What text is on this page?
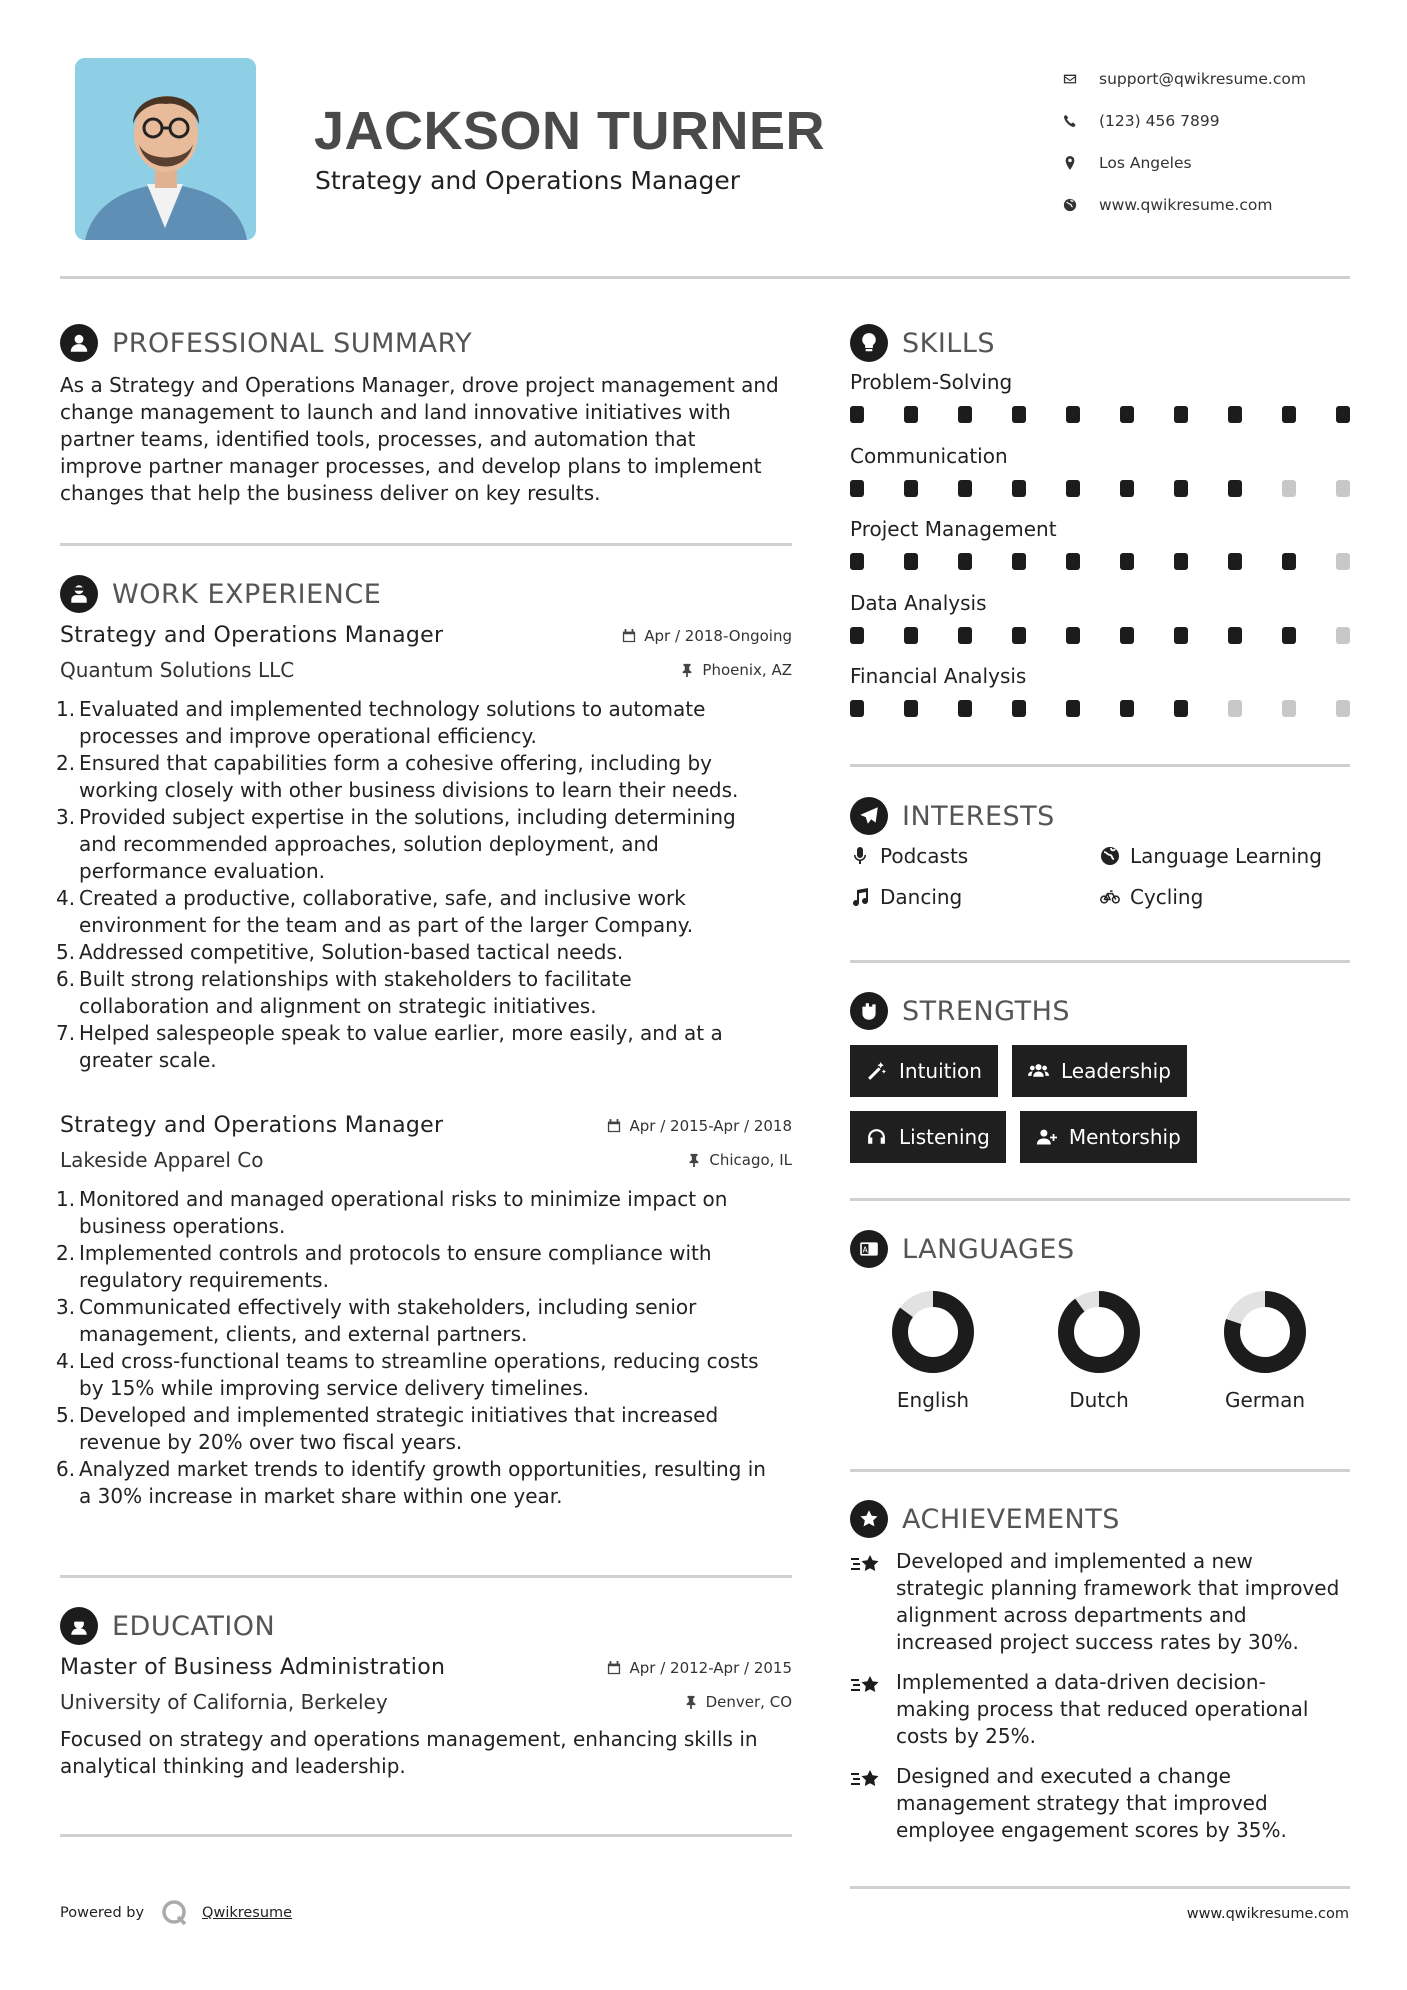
JACKSON TURNER
Strategy and Operations Manager
support@qwikresume.com
(123) 456 7899
Los Angeles
www.qwikresume.com
PROFESSIONAL SUMMARY
As a Strategy and Operations Manager, drove project management and
change management to launch and land innovative initiatives with
partner teams, identified tools, processes, and automation that
improve partner manager processes, and develop plans to implement
changes that help the business deliver on key results.
WORK EXPERIENCE
Strategy and Operations Manager	Apr / 2018-Ongoing
Quantum Solutions LLC	Phoenix, AZ
1. Evaluated and implemented technology solutions to automate
processes and improve operational efficiency.
2. Ensured that capabilities form a cohesive offering, including by
working closely with other business divisions to learn their needs.
3. Provided subject expertise in the solutions, including determining
and recommended approaches, solution deployment, and
performance evaluation.
4. Created a productive, collaborative, safe, and inclusive work
environment for the team and as part of the larger Company.
5. Addressed competitive, Solution-based tactical needs.
6. Built strong relationships with stakeholders to facilitate
collaboration and alignment on strategic initiatives.
7. Helped salespeople speak to value earlier, more easily, and at a
greater scale.
Strategy and Operations Manager	Apr / 2015-Apr / 2018
Lakeside Apparel Co	Chicago, IL
1. Monitored and managed operational risks to minimize impact on
business operations.
2. Implemented controls and protocols to ensure compliance with
regulatory requirements.
3. Communicated effectively with stakeholders, including senior
management, clients, and external partners.
4. Led cross-functional teams to streamline operations, reducing costs
by 15% while improving service delivery timelines.
5. Developed and implemented strategic initiatives that increased
revenue by 20% over two fiscal years.
6. Analyzed market trends to identify growth opportunities, resulting in
a 30% increase in market share within one year.
EDUCATION
Master of Business Administration	Apr / 2012-Apr / 2015
University of California, Berkeley	Denver, CO
Focused on strategy and operations management, enhancing skills in
analytical thinking and leadership.
SKILLS
Problem-Solving
Communication
Project Management
Data Analysis
Financial Analysis
INTERESTS
Podcasts	Language Learning
Dancing	Cycling
STRENGTHS
Intuition	Leadership
Listening	Mentorship
A LANGUAGES
English	Dutch	German
ACHIEVEMENTS
Developed and implemented a new
strategic planning framework that improved
alignment across departments and
increased project success rates by 30%.
Implemented a data-driven decision-
making process that reduced operational
costs by 25%.
Designed and executed a change
management strategy that improved
employee engagement scores by 35%.
Powered by	Qwikresume	www.qwikresume.com
